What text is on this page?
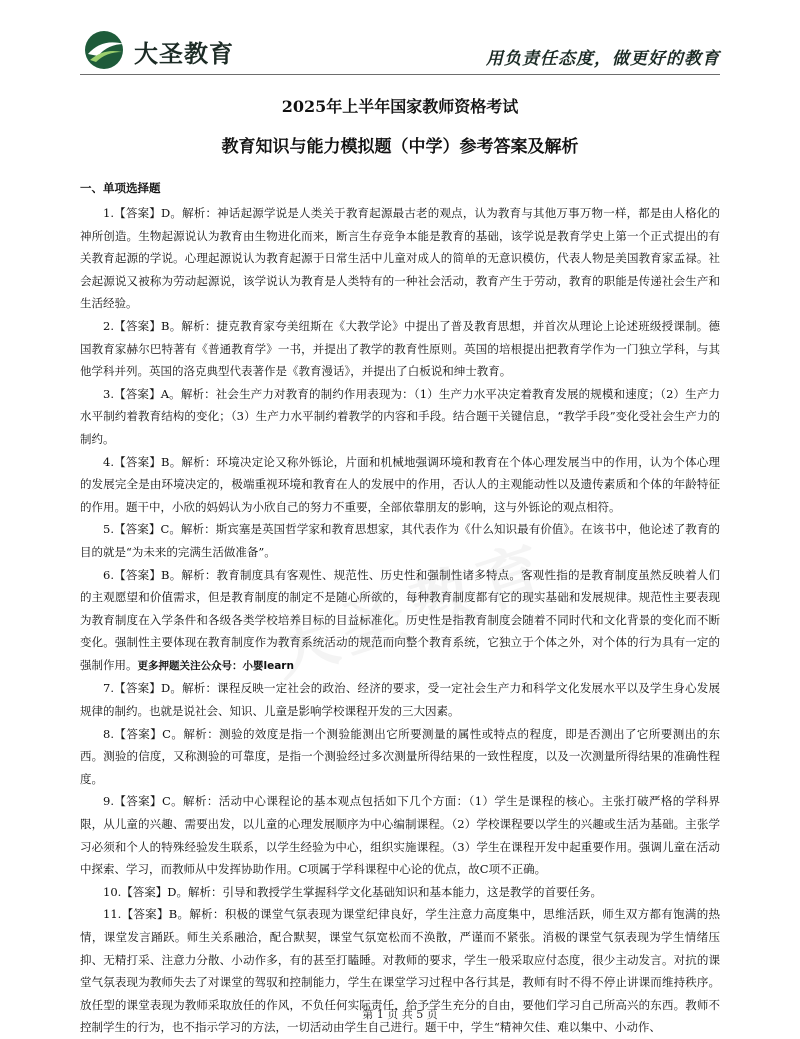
大圣教育	用负责任态度，做更好的教育
2025年上半年国家教师资格考试
教育知识与能力模拟题（中学）参考答案及解析
一、单项选择题

1.【答案】D。解析：神话起源学说是人类关于教育起源最古老的观点，认为教育与其他万事万物一样，都是由人格化的神所创造。生物起源说认为教育由生物进化而来，断言生存竞争本能是教育的基础，该学说是教育学史上第一个正式提出的有关教育起源的学说。心理起源说认为教育起源于日常生活中儿童对成人的简单的无意识模仿，代表人物是美国教育家孟禄。社会起源说又被称为劳动起源说，该学说认为教育是人类特有的一种社会活动，教育产生于劳动，教育的职能是传递社会生产和生活经验。

2.【答案】B。解析：捷克教育家夸美纽斯在《大教学论》中提出了普及教育思想，并首次从理论上论述班级授课制。德国教育家赫尔巴特著有《普通教育学》一书，并提出了教学的教育性原则。英国的培根提出把教育学作为一门独立学科，与其他学科并列。英国的洛克典型代表著作是《教育漫话》，并提出了白板说和绅士教育。

3.【答案】A。解析：社会生产力对教育的制约作用表现为：（1）生产力水平决定着教育发展的规模和速度；（2）生产力水平制约着教育结构的变化；（3）生产力水平制约着教学的内容和手段。结合题干关键信息，“教学手段”变化受社会生产力的制约。

4.【答案】B。解析：环境决定论又称外铄论，片面和机械地强调环境和教育在个体心理发展当中的作用，认为个体心理的发展完全是由环境决定的，极端重视环境和教育在人的发展中的作用，否认人的主观能动性以及遗传素质和个体的年龄特征的作用。题干中，小欣的妈妈认为小欣自己的努力不重要，全部依靠朋友的影响，这与外铄论的观点相符。

5.【答案】C。解析：斯宾塞是英国哲学家和教育思想家，其代表作为《什么知识最有价值》。在该书中，他论述了教育的目的就是“为未来的完满生活做准备”。

6.【答案】B。解析：教育制度具有客观性、规范性、历史性和强制性诸多特点。客观性指的是教育制度虽然反映着人们的主观愿望和价值需求，但是教育制度的制定不是随心所欲的，每种教育制度都有它的现实基础和发展规律。规范性主要表现为教育制度在入学条件和各级各类学校培养目标的目益标准化。历史性是指教育制度会随着不同时代和文化背景的变化而不断变化。强制性主要体现在教育制度作为教育系统活动的规范而向整个教育系统，它独立于个体之外，对个体的行为具有一定的强制作用。更多押题关注公众号：小婴learn

7.【答案】D。解析：课程反映一定社会的政治、经济的要求，受一定社会生产力和科学文化发展水平以及学生身心发展规律的制约。也就是说社会、知识、儿童是影响学校课程开发的三大因素。

8.【答案】C。解析：测验的效度是指一个测验能测出它所要测量的属性或特点的程度，即是否测出了它所要测出的东西。测验的信度，又称测验的可靠度，是指一个测验经过多次测量所得结果的一致性程度，以及一次测量所得结果的准确性程度。

9.【答案】C。解析：活动中心课程论的基本观点包括如下几个方面：（1）学生是课程的核心。主张打破严格的学科界限，从儿童的兴趣、需要出发，以儿童的心理发展顺序为中心编制课程。（2）学校课程要以学生的兴趣或生活为基础。主张学习必须和个人的特殊经验发生联系，以学生经验为中心，组织实施课程。（3）学生在课程开发中起重要作用。强调儿童在活动中探索、学习，而教师从中发挥协助作用。C项属于学科课程中心论的优点，故C项不正确。

10.【答案】D。解析：引导和教授学生掌握科学文化基础知识和基本能力，这是教学的首要任务。

11.【答案】B。解析：积极的课堂气氛表现为课堂纪律良好，学生注意力高度集中，思维活跃，师生双方都有饱满的热情，课堂发言踊跃。师生关系融洽，配合默契，课堂气氛宽松而不涣散，严谨而不紧张。消极的课堂气氛表现为学生情绪压抑、无精打采、注意力分散、小动作多，有的甚至打瞌睡。对教师的要求，学生一般采取应付态度，很少主动发言。对抗的课堂气氛表现为教师失去了对课堂的驾驭和控制能力，学生在课堂学习过程中各行其是，教师有时不得不停止讲课而维持秩序。放任型的课堂表现为教师采取放任的作风，不负任何实际责任，给予学生充分的自由，要他们学习自己所高兴的东西。教师不控制学生的行为，也不指示学习的方法，一切活动由学生自己进行。题干中，学生“精神欠佳、难以集中、小动作、

第 1 页 共 5 页
